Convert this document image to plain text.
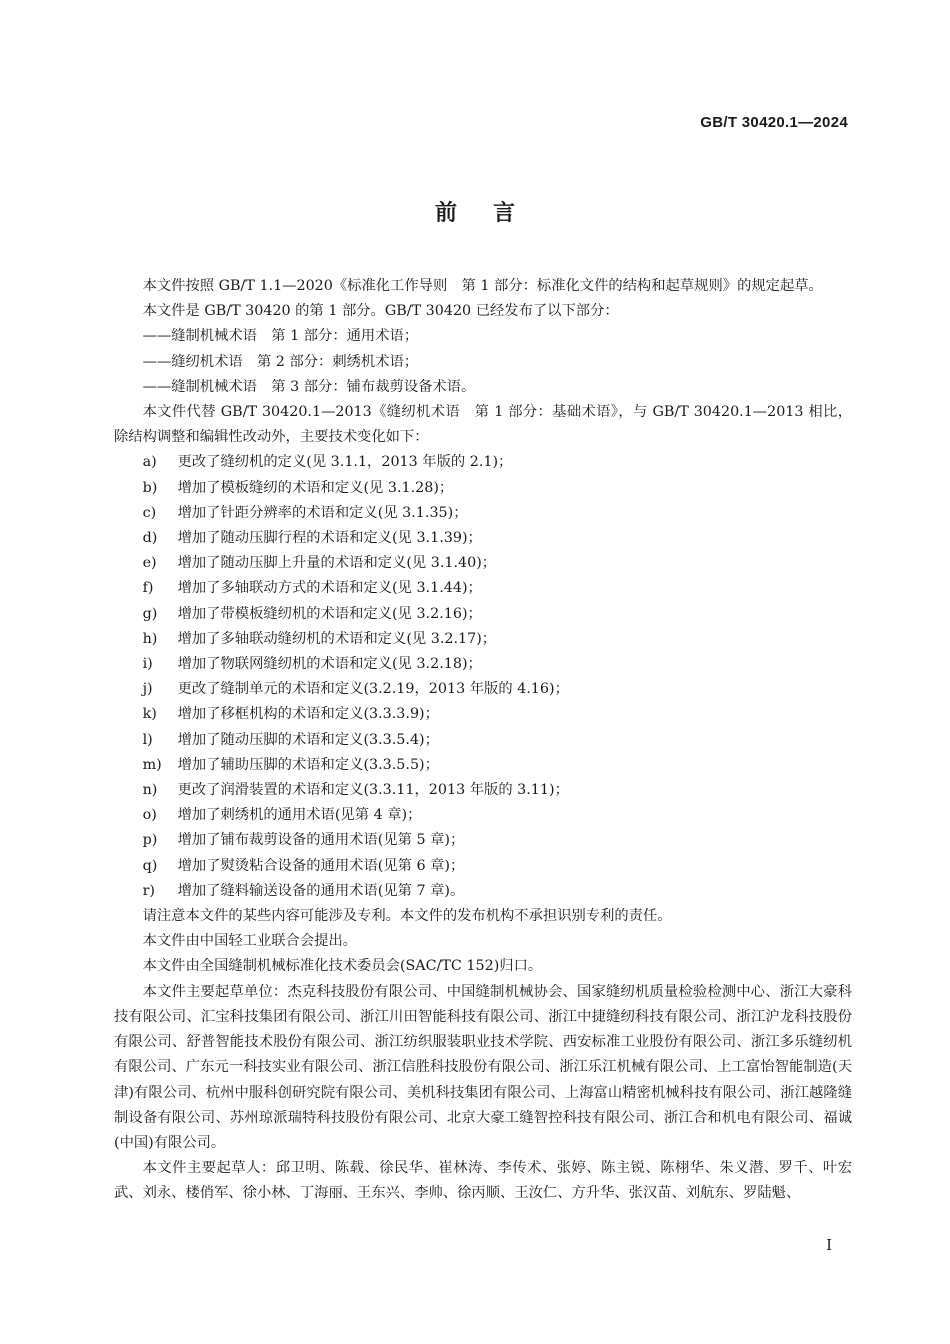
GB/T 30420.1—2024
前言

本文件按照 GB/T 1.1—2020《标准化工作导则　第 1 部分：标准化文件的结构和起草规则》的规定起草。

本文件是 GB/T 30420 的第 1 部分。GB/T 30420 已经发布了以下部分：

——缝制机械术语　第 1 部分：通用术语；

——缝纫机术语　第 2 部分：刺绣机术语；

——缝制机械术语　第 3 部分：铺布裁剪设备术语。

本文件代替 GB/T 30420.1—2013《缝纫机术语　第 1 部分：基础术语》，与 GB/T 30420.1—2013 相比，除结构调整和编辑性改动外，主要技术变化如下：

a) 更改了缝纫机的定义(见 3.1.1，2013 年版的 2.1)；

b) 增加了模板缝纫的术语和定义(见 3.1.28)；

c) 增加了针距分辨率的术语和定义(见 3.1.35)；

d) 增加了随动压脚行程的术语和定义(见 3.1.39)；

e) 增加了随动压脚上升量的术语和定义(见 3.1.40)；

f) 增加了多轴联动方式的术语和定义(见 3.1.44)；

g) 增加了带模板缝纫机的术语和定义(见 3.2.16)；

h) 增加了多轴联动缝纫机的术语和定义(见 3.2.17)；

i) 增加了物联网缝纫机的术语和定义(见 3.2.18)；

j) 更改了缝制单元的术语和定义(3.2.19，2013 年版的 4.16)；

k) 增加了移框机构的术语和定义(3.3.3.9)；

l) 增加了随动压脚的术语和定义(3.3.5.4)；

m) 增加了辅助压脚的术语和定义(3.3.5.5)；

n) 更改了润滑装置的术语和定义(3.3.11，2013 年版的 3.11)；

o) 增加了刺绣机的通用术语(见第 4 章)；

p) 增加了铺布裁剪设备的通用术语(见第 5 章)；

q) 增加了熨烫粘合设备的通用术语(见第 6 章)；

r) 增加了缝料输送设备的通用术语(见第 7 章)。

请注意本文件的某些内容可能涉及专利。本文件的发布机构不承担识别专利的责任。

本文件由中国轻工业联合会提出。

本文件由全国缝制机械标准化技术委员会(SAC/TC 152)归口。

本文件主要起草单位：杰克科技股份有限公司、中国缝制机械协会、国家缝纫机质量检验检测中心、浙江大豪科技有限公司、汇宝科技集团有限公司、浙江川田智能科技有限公司、浙江中捷缝纫科技有限公司、浙江沪龙科技股份有限公司、舒普智能技术股份有限公司、浙江纺织服装职业技术学院、西安标准工业股份有限公司、浙江多乐缝纫机有限公司、广东元一科技实业有限公司、浙江信胜科技股份有限公司、浙江乐江机械有限公司、上工富怡智能制造(天津)有限公司、杭州中服科创研究院有限公司、美机科技集团有限公司、上海富山精密机械科技有限公司、浙江越隆缝制设备有限公司、苏州琼派瑞特科技股份有限公司、北京大豪工缝智控科技有限公司、浙江合和机电有限公司、福诚(中国)有限公司。

本文件主要起草人：邱卫明、陈载、徐民华、崔林涛、李传术、张婷、陈主锐、陈栩华、朱义潜、罗千、叶宏武、刘永、楼俏军、徐小林、丁海丽、王东兴、李帅、徐丙顺、王汝仁、方升华、张汉苗、刘航东、罗陆魁、

I
